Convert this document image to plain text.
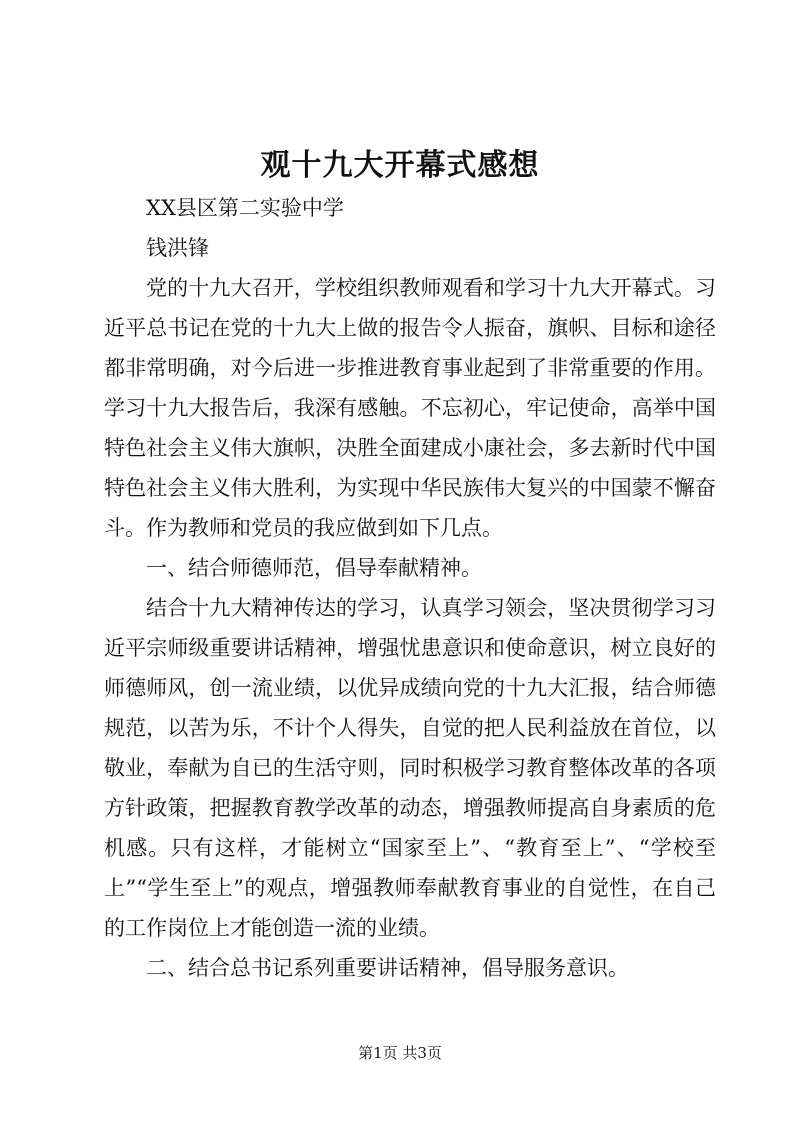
观十九大开幕式感想

XX县区第二实验中学

钱洪锋

党的十九大召开，学校组织教师观看和学习十九大开幕式。习近平总书记在党的十九大上做的报告令人振奋，旗帜、目标和途径都非常明确，对今后进一步推进教育事业起到了非常重要的作用。学习十九大报告后，我深有感触。不忘初心，牢记使命，高举中国特色社会主义伟大旗帜，决胜全面建成小康社会，多去新时代中国特色社会主义伟大胜利，为实现中华民族伟大复兴的中国蒙不懈奋斗。作为教师和党员的我应做到如下几点。

一、结合师德师范，倡导奉献精神。

结合十九大精神传达的学习，认真学习领会，坚决贯彻学习习近平宗师级重要讲话精神，增强忧患意识和使命意识，树立良好的师德师风，创一流业绩，以优异成绩向党的十九大汇报，结合师德规范，以苦为乐，不计个人得失，自觉的把人民利益放在首位，以敬业，奉献为自已的生活守则，同时积极学习教育整体改革的各项方针政策，把握教育教学改革的动态，增强教师提高自身素质的危机感。只有这样，才能树立“国家至上”、“教育至上”、“学校至上”“学生至上”的观点，增强教师奉献教育事业的自觉性，在自己的工作岗位上才能创造一流的业绩。

二、结合总书记系列重要讲话精神，倡导服务意识。

第1页 共3页
